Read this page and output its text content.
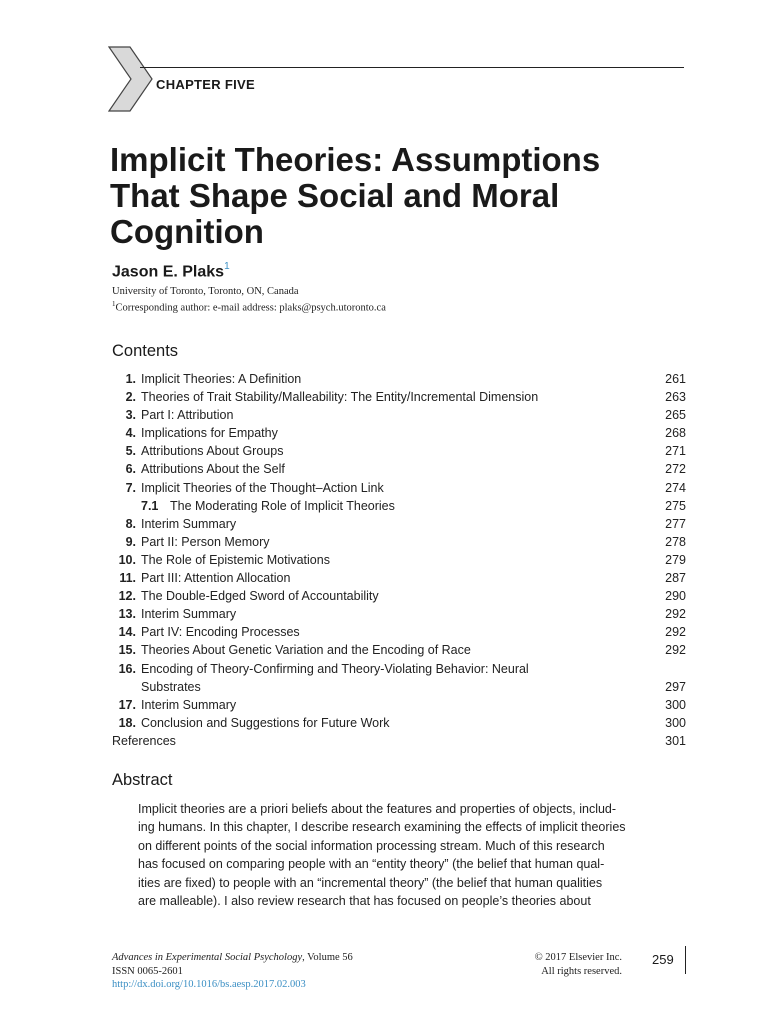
CHAPTER FIVE
Implicit Theories: Assumptions
That Shape Social and Moral
Cognition
Jason E. Plaks$^1$
University of Toronto, Toronto, ON, Canada
$^1$Corresponding author: e-mail address: plaks@psych.utoronto.ca
Contents
1. Implicit Theories: A Definition	261
2. Theories of Trait Stability/Malleability: The Entity/Incremental Dimension	263
3. Part I: Attribution	265
4. Implications for Empathy	268
5. Attributions About Groups	271
6. Attributions About the Self	272
7. Implicit Theories of the Thought–Action Link	274
7.1 The Moderating Role of Implicit Theories	275
8. Interim Summary	277
9. Part II: Person Memory	278
10. The Role of Epistemic Motivations	279
11. Part III: Attention Allocation	287
12. The Double-Edged Sword of Accountability	290
13. Interim Summary	292
14. Part IV: Encoding Processes	292
15. Theories About Genetic Variation and the Encoding of Race	292
16. Encoding of Theory-Confirming and Theory-Violating Behavior: Neural
Substrates	297
17. Interim Summary	300
18. Conclusion and Suggestions for Future Work	300
References	301
Abstract
Implicit theories are a priori beliefs about the features and properties of objects, includ-
ing humans. In this chapter, I describe research examining the effects of implicit theories
on different points of the social information processing stream. Much of this research
has focused on comparing people with an “entity theory” (the belief that human qual-
ities are fixed) to people with an “incremental theory” (the belief that human qualities
are malleable). I also review research that has focused on people’s theories about
Advances in Experimental Social Psychology, Volume 56
ISSN 0065-2601
http://dx.doi.org/10.1016/bs.aesp.2017.02.003
© 2017 Elsevier Inc.
All rights reserved.
259
